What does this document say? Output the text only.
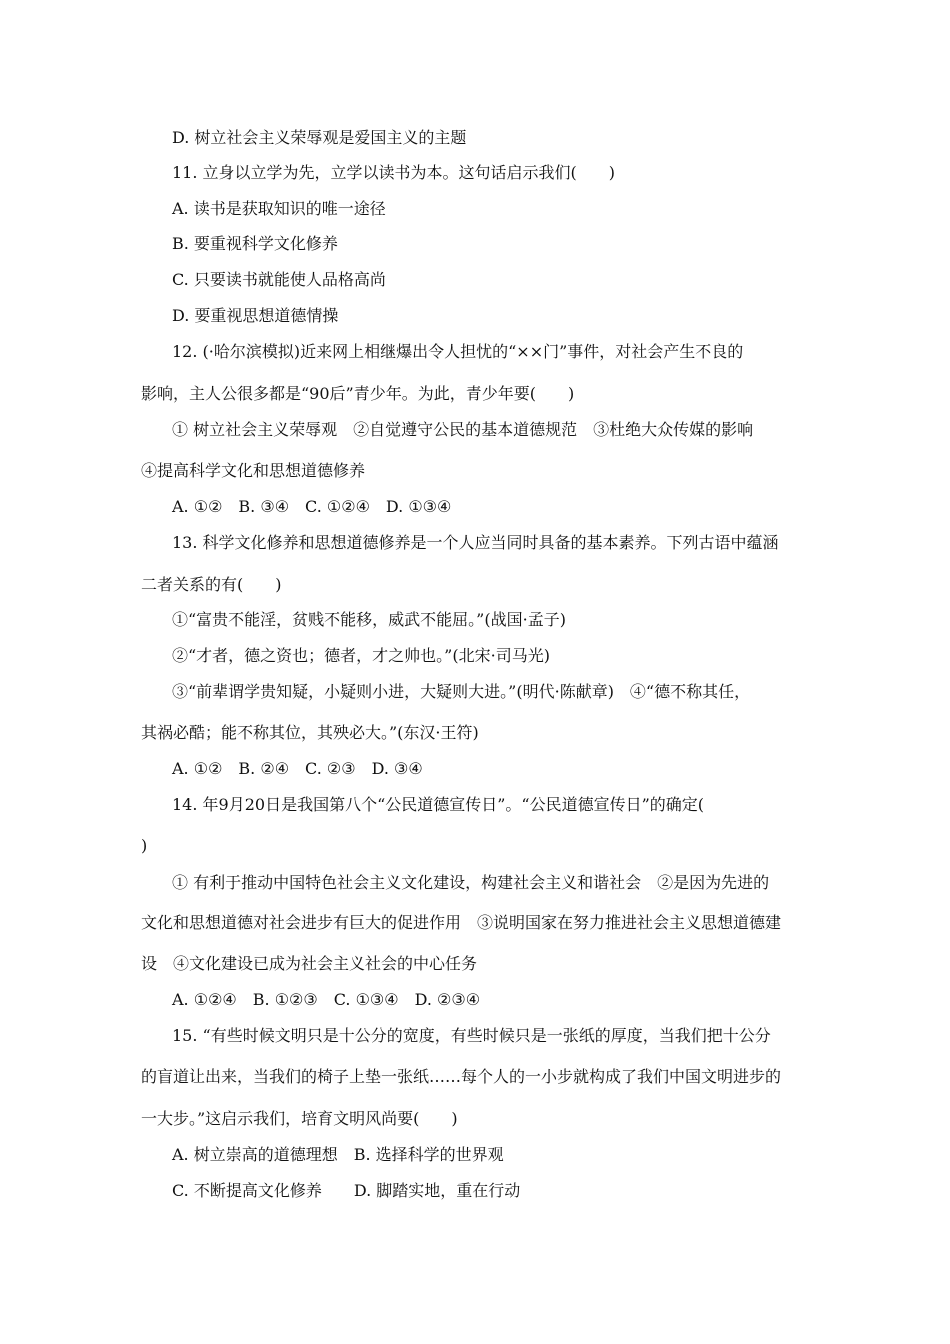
D. 树立社会主义荣辱观是爱国主义的主题
11. 立身以立学为先，立学以读书为本。这句话启示我们(　　)
A. 读书是获取知识的唯一途径
B. 要重视科学文化修养
C. 只要读书就能使人品格高尚
D. 要重视思想道德情操
12. (·哈尔滨模拟)近来网上相继爆出令人担忧的“××门”事件，对社会产生不良的
影响，主人公很多都是“90后”青少年。为此，青少年要(　　)
① 树立社会主义荣辱观　②自觉遵守公民的基本道德规范　③杜绝大众传媒的影响
④提高科学文化和思想道德修养
A. ①②　B. ③④　C. ①②④　D. ①③④
13. 科学文化修养和思想道德修养是一个人应当同时具备的基本素养。下列古语中蕴涵
二者关系的有(　　)
①“富贵不能淫，贫贱不能移，威武不能屈。”(战国·孟子)
②“才者，德之资也；德者，才之帅也。”(北宋·司马光)
③“前辈谓学贵知疑，小疑则小进，大疑则大进。”(明代·陈献章)　④“德不称其任，
其祸必酷；能不称其位，其殃必大。”(东汉·王符)
A. ①②　B. ②④　C. ②③　D. ③④
14. 年9月20日是我国第八个“公民道德宣传日”。“公民道德宣传日”的确定(
)
① 有利于推动中国特色社会主义文化建设，构建社会主义和谐社会　②是因为先进的
文化和思想道德对社会进步有巨大的促进作用　③说明国家在努力推进社会主义思想道德建
设　④文化建设已成为社会主义社会的中心任务
A. ①②④　B. ①②③　C. ①③④　D. ②③④
15. “有些时候文明只是十公分的宽度，有些时候只是一张纸的厚度，当我们把十公分
的盲道让出来，当我们的椅子上垫一张纸……每个人的一小步就构成了我们中国文明进步的
一大步。”这启示我们，培育文明风尚要(　　)
A. 树立崇高的道德理想　B. 选择科学的世界观
C. 不断提高文化修养　　D. 脚踏实地，重在行动
